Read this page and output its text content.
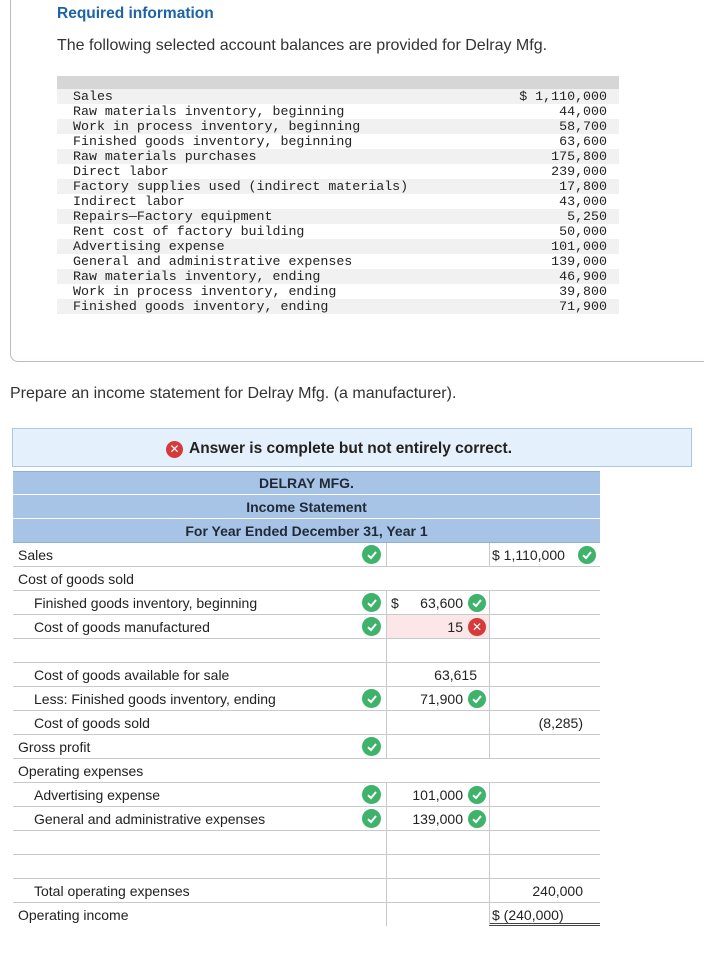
Required information
The following selected account balances are provided for Delray Mfg.
Sales	$ 1,110,000
Raw materials inventory, beginning	44,000
Work in process inventory, beginning	58,700
Finished goods inventory, beginning	63,600
Raw materials purchases	175,800
Direct labor	239,000
Factory supplies used (indirect materials)	17,800
Indirect labor	43,000
Repairs—Factory equipment	5,250
Rent cost of factory building	50,000
Advertising expense	101,000
General and administrative expenses	139,000
Raw materials inventory, ending	46,900
Work in process inventory, ending	39,800
Finished goods inventory, ending	71,900
Prepare an income statement for Delray Mfg. (a manufacturer).
✕ Answer is complete but not entirely correct.
DELRAY MFG.
Income Statement
For Year Ended December 31, Year 1
Sales	$ 1,110,000
Cost of goods sold
Finished goods inventory, beginning	$ 63,600
Cost of goods manufactured	15 ✕
Cost of goods available for sale	63,615
Less: Finished goods inventory, ending	71,900
Cost of goods sold	(8,285)
Gross profit
Operating expenses
Advertising expense	101,000
General and administrative expenses	139,000
Total operating expenses	240,000
Operating income	$ (240,000)
